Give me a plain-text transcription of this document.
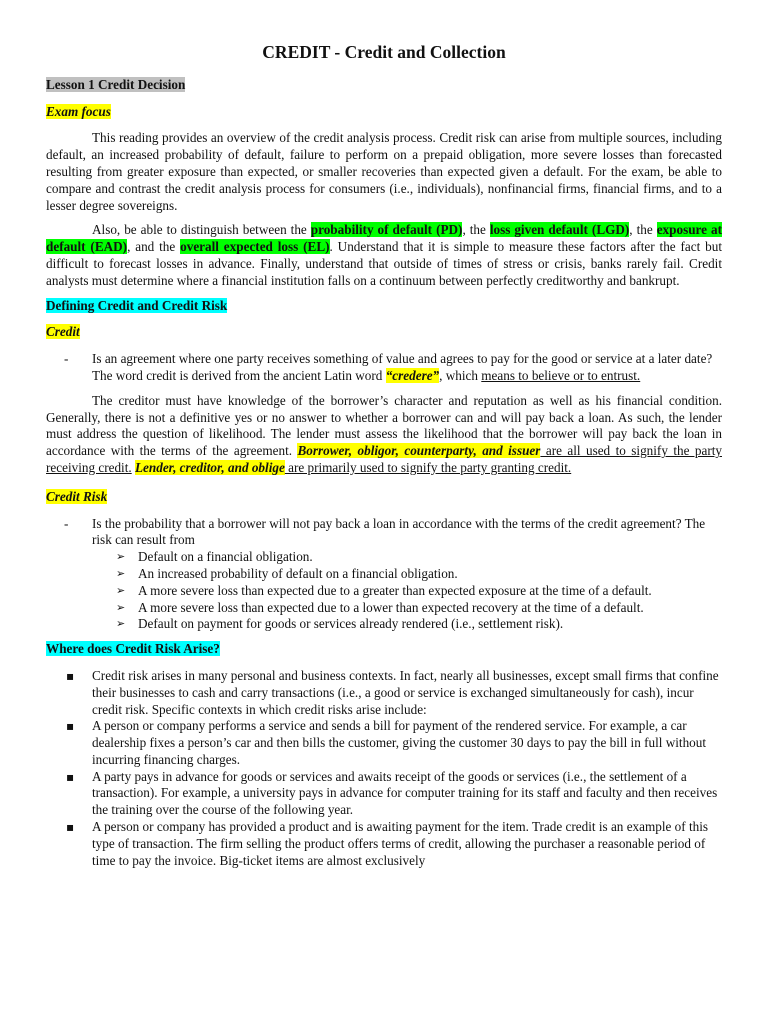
CREDIT - Credit and Collection
Lesson 1 Credit Decision
Exam focus

This reading provides an overview of the credit analysis process. Credit risk can arise from multiple sources, including default, an increased probability of default, failure to perform on a prepaid obligation, more severe losses than forecasted resulting from greater exposure than expected, or smaller recoveries than expected given a default. For the exam, be able to compare and contrast the credit analysis process for consumers (i.e., individuals), nonfinancial firms, financial firms, and to a lesser degree sovereigns.

Also, be able to distinguish between the probability of default (PD), the loss given default (LGD), the exposure at default (EAD), and the overall expected loss (EL). Understand that it is simple to measure these factors after the fact but difficult to forecast losses in advance. Finally, understand that outside of times of stress or crisis, banks rarely fail. Credit analysts must determine where a financial institution falls on a continuum between perfectly creditworthy and bankrupt.

Defining Credit and Credit Risk
Credit
- Is an agreement where one party receives something of value and agrees to pay for the good or service at a later date? The word credit is derived from the ancient Latin word “credere”, which means to believe or to entrust.

The creditor must have knowledge of the borrower’s character and reputation as well as his financial condition. Generally, there is not a definitive yes or no answer to whether a borrower can and will pay back a loan. As such, the lender must address the question of likelihood. The lender must assess the likelihood that the borrower will pay back the loan in accordance with the terms of the agreement. Borrower, obligor, counterparty, and issuer are all used to signify the party receiving credit. Lender, creditor, and oblige are primarily used to signify the party granting credit.

Credit Risk
- Is the probability that a borrower will not pay back a loan in accordance with the terms of the credit agreement? The risk can result from
➢ Default on a financial obligation.
➢ An increased probability of default on a financial obligation.
➢ A more severe loss than expected due to a greater than expected exposure at the time of a default.
➢ A more severe loss than expected due to a lower than expected recovery at the time of a default.
➢ Default on payment for goods or services already rendered (i.e., settlement risk).
Where does Credit Risk Arise?
▪ Credit risk arises in many personal and business contexts. In fact, nearly all businesses, except small firms that confine their businesses to cash and carry transactions (i.e., a good or service is exchanged simultaneously for cash), incur credit risk. Specific contexts in which credit risks arise include:
▪ A person or company performs a service and sends a bill for payment of the rendered service. For example, a car dealership fixes a person’s car and then bills the customer, giving the customer 30 days to pay the bill in full without incurring financing charges.
▪ A party pays in advance for goods or services and awaits receipt of the goods or services (i.e., the settlement of a transaction). For example, a university pays in advance for computer training for its staff and faculty and then receives the training over the course of the following year.
▪ A person or company has provided a product and is awaiting payment for the item. Trade credit is an example of this type of transaction. The firm selling the product offers terms of credit, allowing the purchaser a reasonable period of time to pay the invoice. Big-ticket items are almost exclusively
